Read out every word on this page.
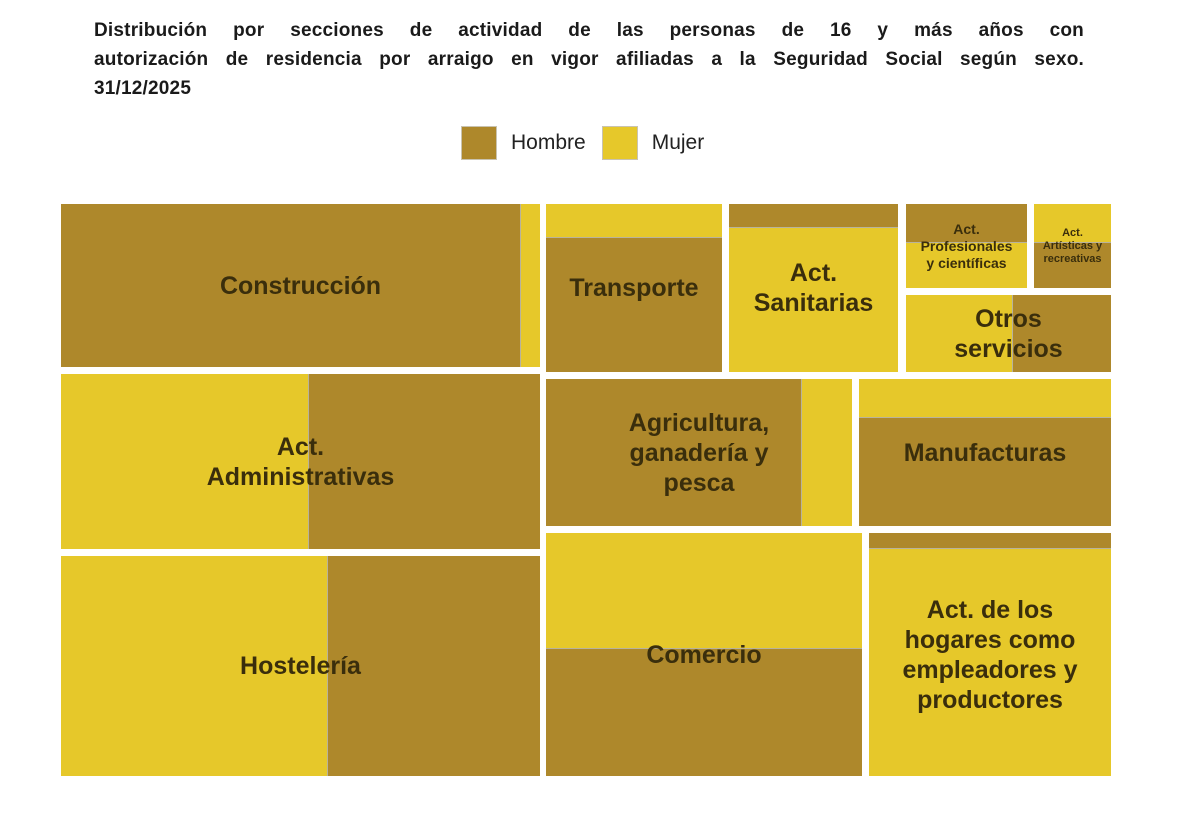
Distribución por secciones de actividad de las personas de 16 y más años con
autorización de residencia por arraigo en vigor afiliadas a la Seguridad Social según sexo.
31/12/2025
Hombre	Mujer
Construcción
Act.
Administrativas
Hostelería
Transporte
Act.
Sanitarias
Act.
Profesionales
y científicas
Act.
Artísticas y
recreativas
Otros
servicios
Agricultura,
ganadería y
pesca
Manufacturas
Comercio
Act. de los
hogares como
empleadores y
productores
